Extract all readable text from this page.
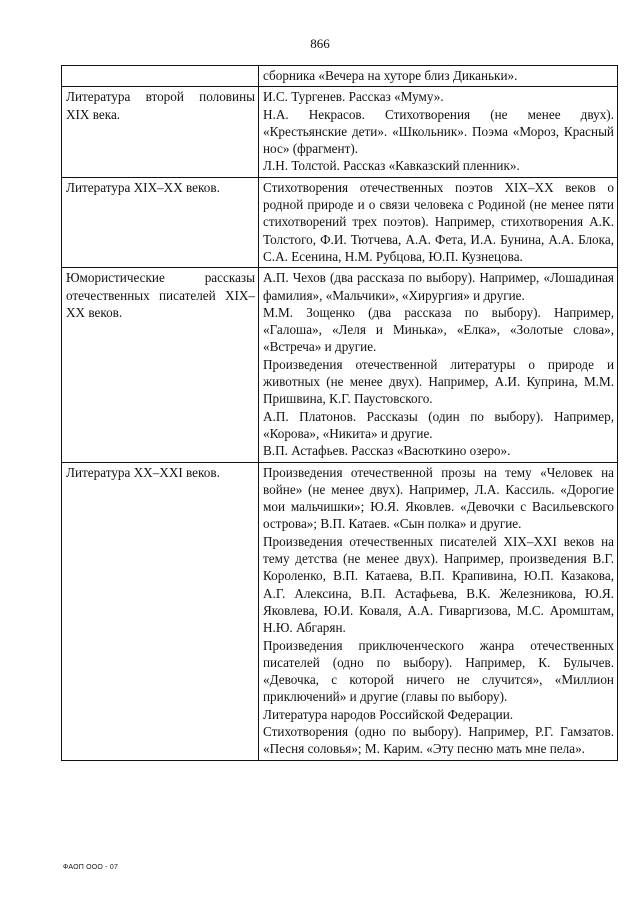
866

	сборника «Вечера на хуторе близ Диканьки».

Литература второй половины XIX века.	И.С. Тургенев. Рассказ «Муму».
Н.А. Некрасов. Стихотворения (не менее двух). «Крестьянские дети». «Школьник». Поэма «Мороз, Красный нос» (фрагмент).
Л.Н. Толстой. Рассказ «Кавказский пленник».

Литература XIX–XX веков.	Стихотворения отечественных поэтов XIX–XX веков о родной природе и о связи человека с Родиной (не менее пяти стихотворений трех поэтов). Например, стихотворения А.К. Толстого, Ф.И. Тютчева, А.А. Фета, И.А. Бунина, А.А. Блока, С.А. Есенина, Н.М. Рубцова, Ю.П. Кузнецова.

Юмористические рассказы отечественных писателей XIX–XX веков.	А.П. Чехов (два рассказа по выбору). Например, «Лошадиная фамилия», «Мальчики», «Хирургия» и другие.
М.М. Зощенко (два рассказа по выбору). Например, «Галоша», «Леля и Минька», «Елка», «Золотые слова», «Встреча» и другие.
Произведения отечественной литературы о природе и животных (не менее двух). Например, А.И. Куприна, М.М. Пришвина, К.Г. Паустовского.
А.П. Платонов. Рассказы (один по выбору). Например, «Корова», «Никита» и другие.
В.П. Астафьев. Рассказ «Васюткино озеро».

Литература XX–XXI веков.	Произведения отечественной прозы на тему «Человек на войне» (не менее двух). Например, Л.А. Кассиль. «Дорогие мои мальчишки»; Ю.Я. Яковлев. «Девочки с Васильевского острова»; В.П. Катаев. «Сын полка» и другие.
Произведения отечественных писателей XIX–XXI веков на тему детства (не менее двух). Например, произведения В.Г. Короленко, В.П. Катаева, В.П. Крапивина, Ю.П. Казакова, А.Г. Алексина, В.П. Астафьева, В.К. Железникова, Ю.Я. Яковлева, Ю.И. Коваля, А.А. Гиваргизова, М.С. Аромштам, Н.Ю. Абгарян.
Произведения приключенческого жанра отечественных писателей (одно по выбору). Например, К. Булычев. «Девочка, с которой ничего не случится», «Миллион приключений» и другие (главы по выбору).
Литература народов Российской Федерации.
Стихотворения (одно по выбору). Например, Р.Г. Гамзатов. «Песня соловья»; М. Карим. «Эту песню мать мне пела».
ФАОП ООО - 07
